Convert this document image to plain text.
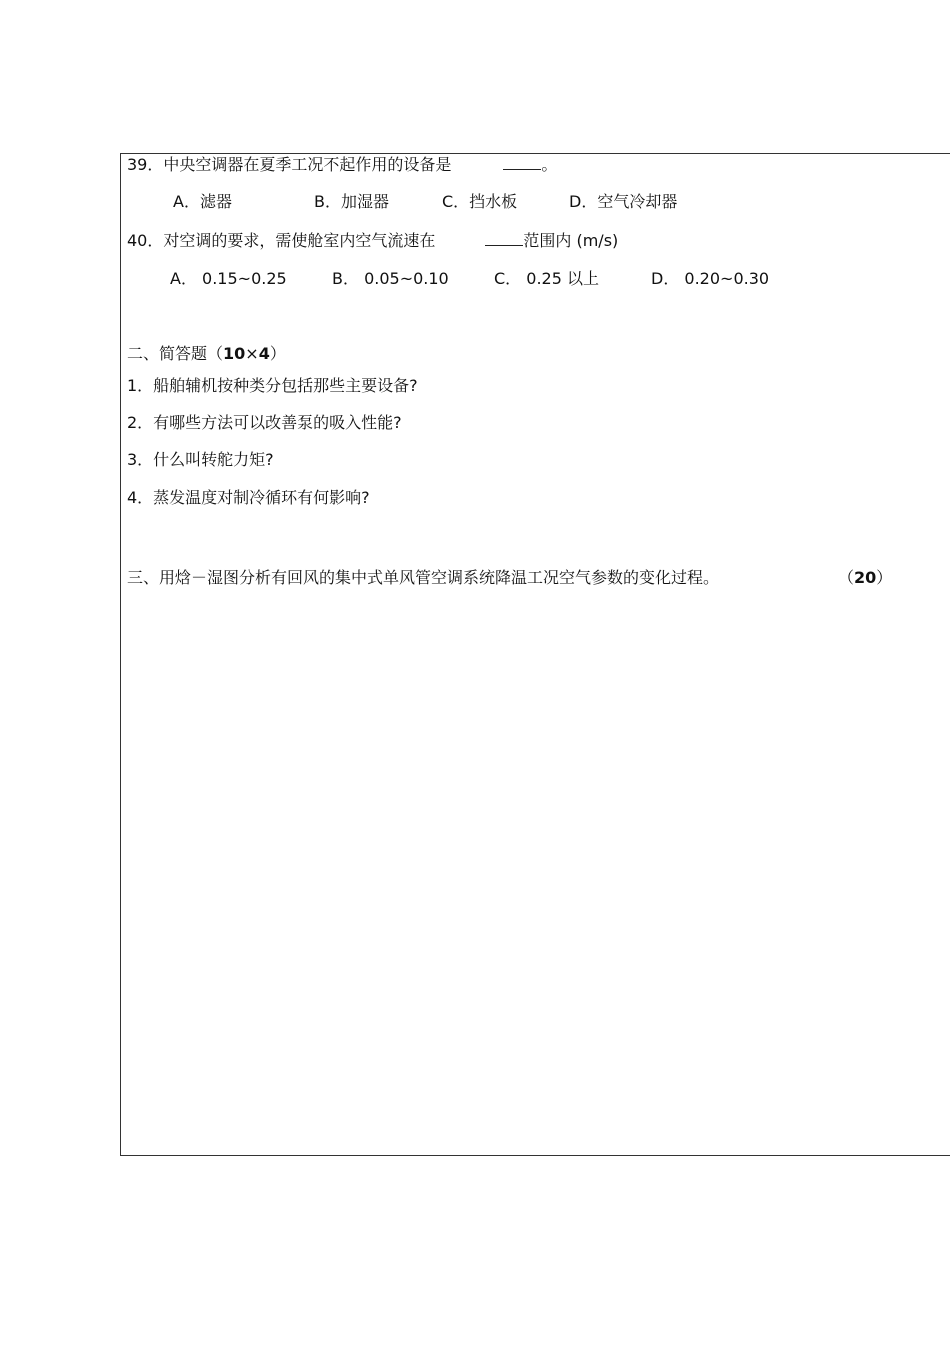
39．中央空调器在夏季工况不起作用的设备是	。
A．滤器	B．加湿器	C．挡水板	D．空气冷却器
40．对空调的要求，需使舱室内空气流速在	范围内 (m/s)
A． 0.15~0.25	B． 0.05~0.10	C． 0.25 以上	D． 0.20~0.30
二、简答题（10×4）
1．船舶辅机按种类分包括那些主要设备?
2．有哪些方法可以改善泵的吸入性能?
3．什么叫转舵力矩?
4．蒸发温度对制冷循环有何影响?
三、用焓－湿图分析有回风的集中式单风管空调系统降温工况空气参数的变化过程。	（20）
